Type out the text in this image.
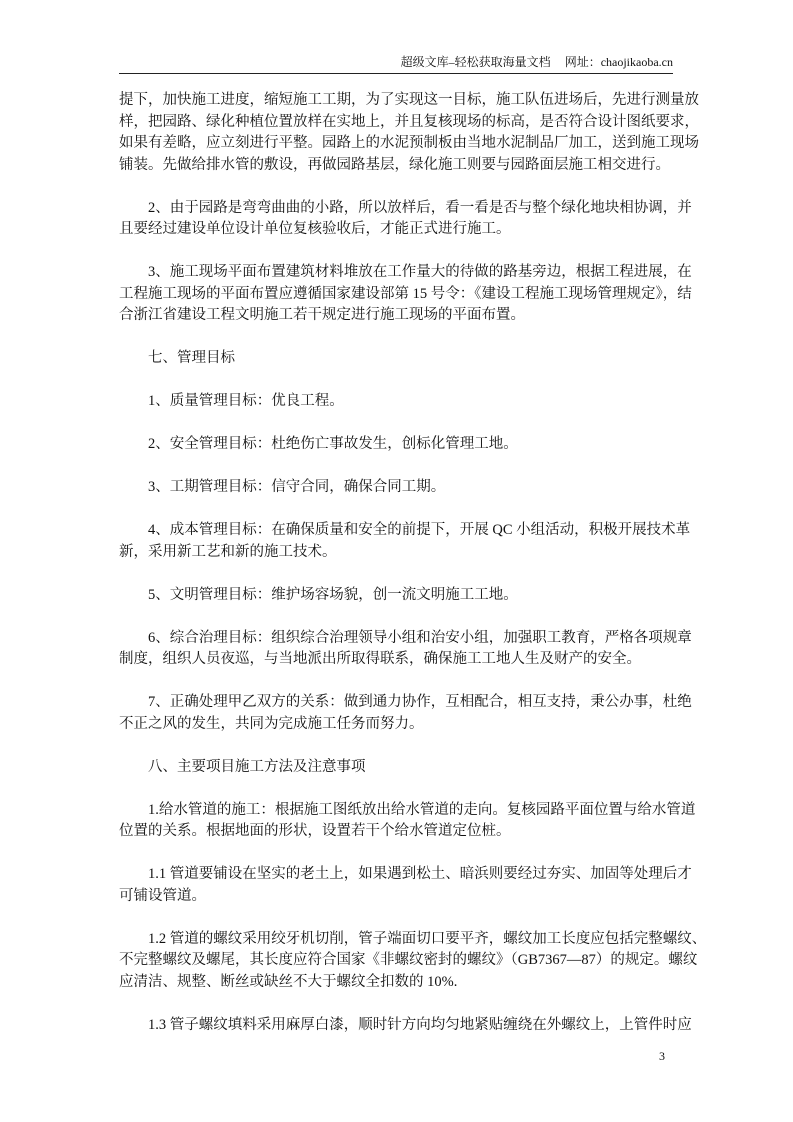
超级文库–轻松获取海量文档 网址：chaojikaoba.cn
提下，加快施工进度，缩短施工工期，为了实现这一目标，施工队伍进场后，先进行测量放
样，把园路、绿化种植位置放样在实地上，并且复核现场的标高，是否符合设计图纸要求，
如果有差略，应立刻进行平整。园路上的水泥预制板由当地水泥制品厂加工，送到施工现场
铺装。先做给排水管的敷设，再做园路基层，绿化施工则要与园路面层施工相交进行。
2、由于园路是弯弯曲曲的小路，所以放样后，看一看是否与整个绿化地块相协调，并
且要经过建设单位设计单位复核验收后，才能正式进行施工。
3、施工现场平面布置建筑材料堆放在工作量大的待做的路基旁边，根据工程进展，在
工程施工现场的平面布置应遵循国家建设部第 15 号令：《建设工程施工现场管理规定》，结
合浙江省建设工程文明施工若干规定进行施工现场的平面布置。
七、管理目标
1、质量管理目标：优良工程。
2、安全管理目标：杜绝伤亡事故发生，创标化管理工地。
3、工期管理目标：信守合同，确保合同工期。
4、成本管理目标：在确保质量和安全的前提下，开展 QC 小组活动，积极开展技术革
新，采用新工艺和新的施工技术。
5、文明管理目标：维护场容场貌，创一流文明施工工地。
6、综合治理目标：组织综合治理领导小组和治安小组，加强职工教育，严格各项规章
制度，组织人员夜巡，与当地派出所取得联系，确保施工工地人生及财产的安全。
7、正确处理甲乙双方的关系：做到通力协作，互相配合，相互支持，秉公办事，杜绝
不正之风的发生，共同为完成施工任务而努力。
八、主要项目施工方法及注意事项
1.给水管道的施工：根据施工图纸放出给水管道的走向。复核园路平面位置与给水管道
位置的关系。根据地面的形状，设置若干个给水管道定位桩。
1.1 管道要铺设在坚实的老土上，如果遇到松土、暗浜则要经过夯实、加固等处理后才
可铺设管道。
1.2 管道的螺纹采用绞牙机切削，管子端面切口要平齐，螺纹加工长度应包括完整螺纹、
不完整螺纹及螺尾，其长度应符合国家《非螺纹密封的螺纹》（GB7367—87）的规定。螺纹
应清洁、规整、断丝或缺丝不大于螺纹全扣数的 10%.
1.3 管子螺纹填料采用麻厚白漆，顺时针方向均匀地紧贴缠绕在外螺纹上，上管件时应
3
